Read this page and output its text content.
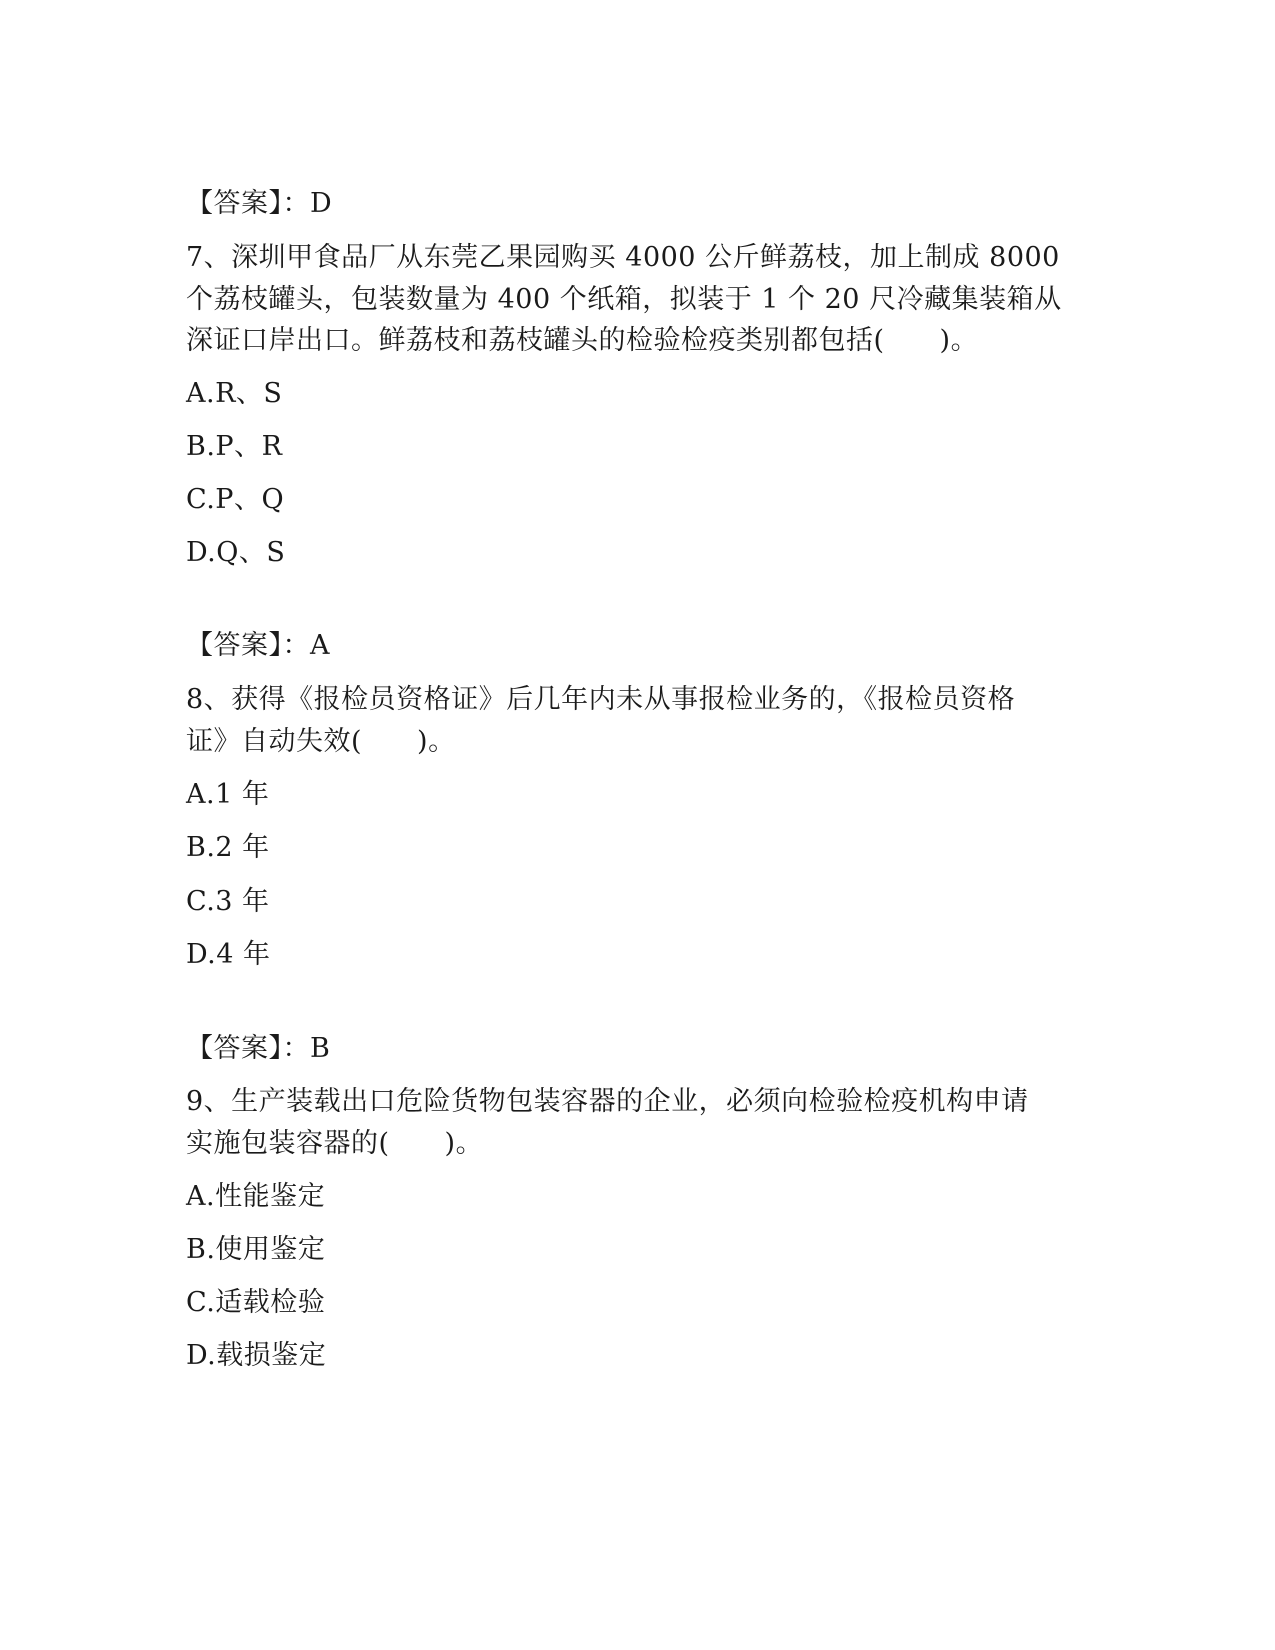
【答案】：D
7、深圳甲食品厂从东莞乙果园购买 4000 公斤鲜荔枝，加上制成 8000
个荔枝罐头，包装数量为 400 个纸箱，拟装于 1 个 20 尺冷藏集装箱从
深证口岸出口。鲜荔枝和荔枝罐头的检验检疫类别都包括(　　)。
A.R、S
B.P、R
C.P、Q
D.Q、S
【答案】：A
8、获得《报检员资格证》后几年内未从事报检业务的，《报检员资格
证》自动失效(　　)。
A.1 年
B.2 年
C.3 年
D.4 年
【答案】：B
9、生产装载出口危险货物包装容器的企业，必须向检验检疫机构申请
实施包装容器的(　　)。
A.性能鉴定
B.使用鉴定
C.适载检验
D.载损鉴定
